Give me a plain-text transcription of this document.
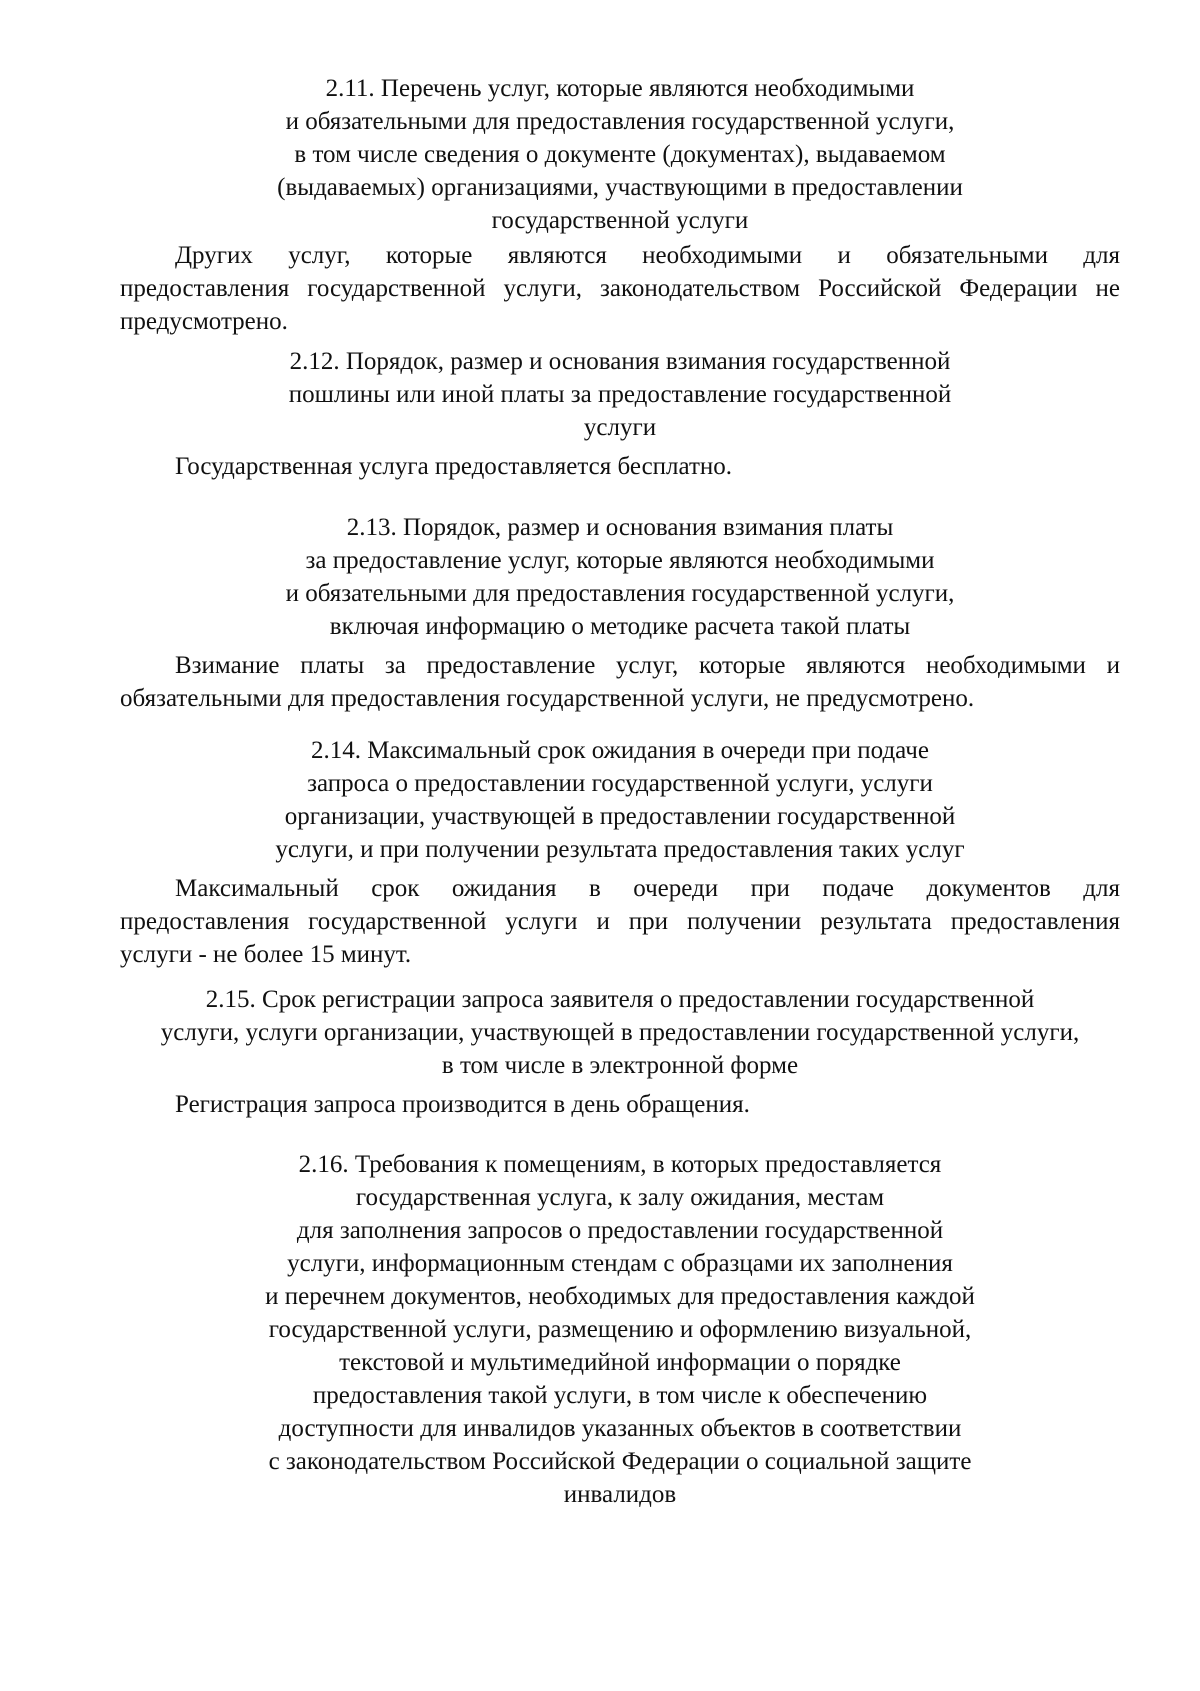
2.11. Перечень услуг, которые являются необходимыми
и обязательными для предоставления государственной услуги,
в том числе сведения о документе (документах), выдаваемом
(выдаваемых) организациями, участвующими в предоставлении
государственной услуги
Других услуг, которые являются необходимыми и обязательными для
предоставления государственной услуги, законодательством Российской Федерации не
предусмотрено.
2.12. Порядок, размер и основания взимания государственной
пошлины или иной платы за предоставление государственной
услуги
Государственная услуга предоставляется бесплатно.
2.13. Порядок, размер и основания взимания платы
за предоставление услуг, которые являются необходимыми
и обязательными для предоставления государственной услуги,
включая информацию о методике расчета такой платы
Взимание платы за предоставление услуг, которые являются необходимыми и
обязательными для предоставления государственной услуги, не предусмотрено.
2.14. Максимальный срок ожидания в очереди при подаче
запроса о предоставлении государственной услуги, услуги
организации, участвующей в предоставлении государственной
услуги, и при получении результата предоставления таких услуг
Максимальный срок ожидания в очереди при подаче документов для
предоставления государственной услуги и при получении результата предоставления
услуги - не более 15 минут.
2.15. Срок регистрации запроса заявителя о предоставлении государственной
услуги, услуги организации, участвующей в предоставлении государственной услуги,
в том числе в электронной форме
Регистрация запроса производится в день обращения.
2.16. Требования к помещениям, в которых предоставляется
государственная услуга, к залу ожидания, местам
для заполнения запросов о предоставлении государственной
услуги, информационным стендам с образцами их заполнения
и перечнем документов, необходимых для предоставления каждой
государственной услуги, размещению и оформлению визуальной,
текстовой и мультимедийной информации о порядке
предоставления такой услуги, в том числе к обеспечению
доступности для инвалидов указанных объектов в соответствии
с законодательством Российской Федерации о социальной защите
инвалидов
